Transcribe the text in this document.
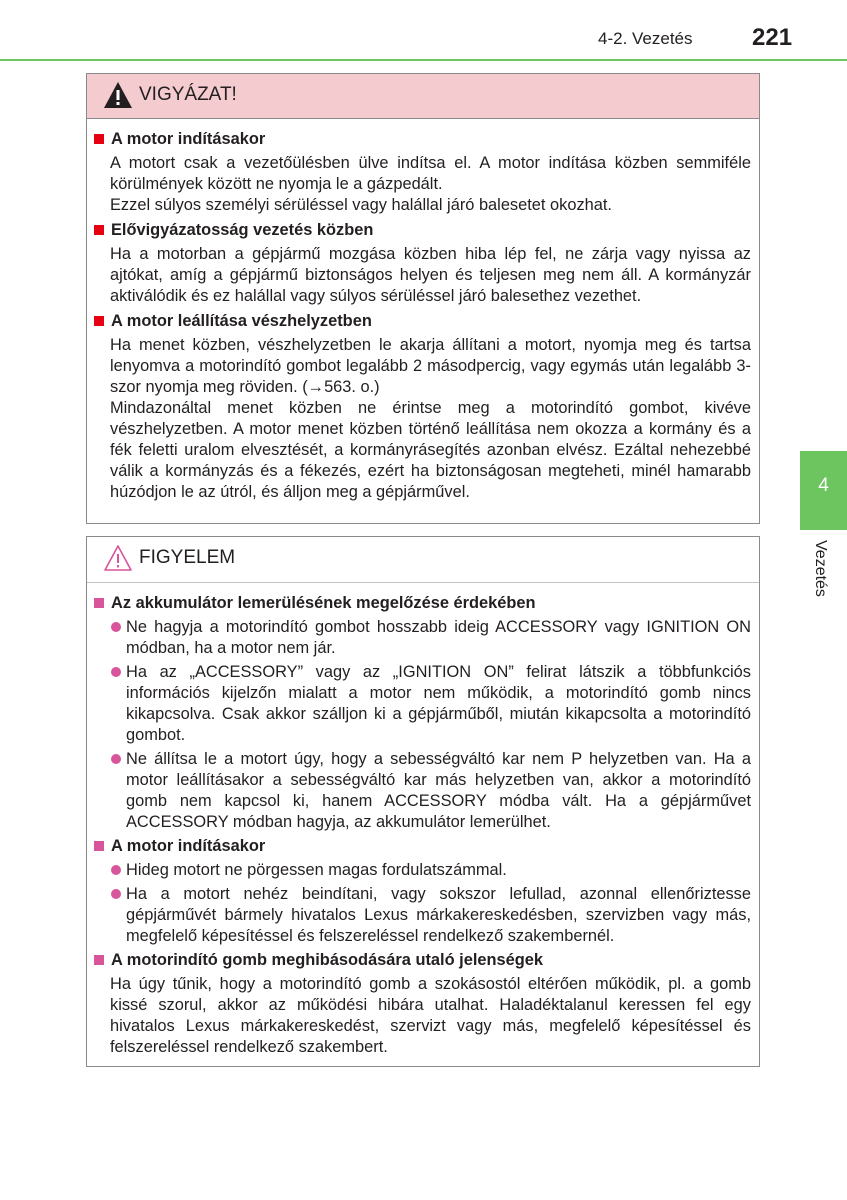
4-2. Vezetés 221
4
Vezetés
VIGYÁZAT!
A motor indításakor
A motort csak a vezetőülésben ülve indítsa el. A motor indítása közben semmiféle körülmények között ne nyomja le a gázpedált.
Ezzel súlyos személyi sérüléssel vagy halállal járó balesetet okozhat.
Elővigyázatosság vezetés közben
Ha a motorban a gépjármű mozgása közben hiba lép fel, ne zárja vagy nyissa az ajtókat, amíg a gépjármű biztonságos helyen és teljesen meg nem áll. A kormányzár aktiválódik és ez halállal vagy súlyos sérüléssel járó balesethez vezethet.
A motor leállítása vészhelyzetben
Ha menet közben, vészhelyzetben le akarja állítani a motort, nyomja meg és tartsa lenyomva a motorindító gombot legalább 2 másodpercig, vagy egymás után legalább 3-szor nyomja meg röviden. (→563. o.)
Mindazonáltal menet közben ne érintse meg a motorindító gombot, kivéve vészhelyzetben. A motor menet közben történő leállítása nem okozza a kormány és a fék feletti uralom elvesztését, a kormányrásegítés azonban elvész. Ezáltal nehezebbé válik a kormányzás és a fékezés, ezért ha biztonságosan megteheti, minél hamarabb húzódjon le az útról, és álljon meg a gépjárművel.
FIGYELEM
Az akkumulátor lemerülésének megelőzése érdekében
Ne hagyja a motorindító gombot hosszabb ideig ACCESSORY vagy IGNITION ON módban, ha a motor nem jár.
Ha az „ACCESSORY” vagy az „IGNITION ON” felirat látszik a többfunkciós információs kijelzőn mialatt a motor nem működik, a motorindító gomb nincs kikapcsolva. Csak akkor szálljon ki a gépjárműből, miután kikapcsolta a motorindító gombot.
Ne állítsa le a motort úgy, hogy a sebességváltó kar nem P helyzetben van. Ha a motor leállításakor a sebességváltó kar más helyzetben van, akkor a motorindító gomb nem kapcsol ki, hanem ACCESSORY módba vált. Ha a gépjárművet ACCESSORY módban hagyja, az akkumulátor lemerülhet.
A motor indításakor
Hideg motort ne pörgessen magas fordulatszámmal.
Ha a motort nehéz beindítani, vagy sokszor lefullad, azonnal ellenőriztesse gépjárművét bármely hivatalos Lexus márkakereskedésben, szervizben vagy más, megfelelő képesítéssel és felszereléssel rendelkező szakembernél.
A motorindító gomb meghibásodására utaló jelenségek
Ha úgy tűnik, hogy a motorindító gomb a szokásostól eltérően működik, pl. a gomb kissé szorul, akkor az működési hibára utalhat. Haladéktalanul keressen fel egy hivatalos Lexus márkakereskedést, szervizt vagy más, megfelelő képesítéssel és felszereléssel rendelkező szakembert.
